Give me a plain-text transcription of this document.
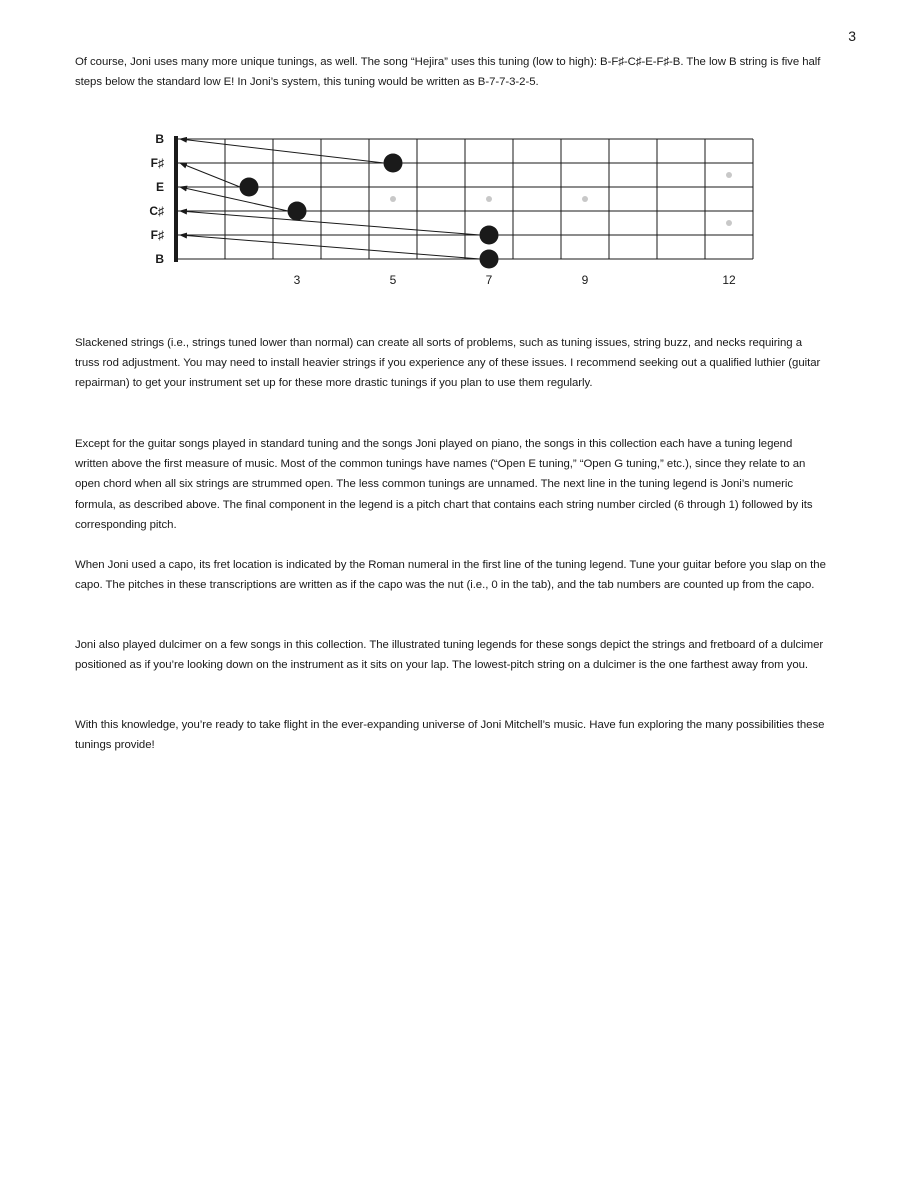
3

Of course, Joni uses many more unique tunings, as well. The song “Hejira” uses this tuning (low to high): B-F♯-C♯-E-F♯-B. The low B string is five half steps below the standard low E! In Joni’s system, this tuning would be written as B-7-7-3-2-5.

B
F♯
E
C♯
F♯
B
3	5	7	9	12

Slackened strings (i.e., strings tuned lower than normal) can create all sorts of problems, such as tuning issues, string buzz, and necks requiring a truss rod adjustment. You may need to install heavier strings if you experience any of these issues. I recommend seeking out a qualified luthier (guitar repairman) to get your instrument set up for these more drastic tunings if you plan to use them regularly.

Except for the guitar songs played in standard tuning and the songs Joni played on piano, the songs in this collection each have a tuning legend written above the first measure of music. Most of the common tunings have names (“Open E tuning,” “Open G tuning,” etc.), since they relate to an open chord when all six strings are strummed open. The less common tunings are unnamed. The next line in the tuning legend is Joni’s numeric formula, as described above. The final component in the legend is a pitch chart that contains each string number circled (6 through 1) followed by its corresponding pitch.

When Joni used a capo, its fret location is indicated by the Roman numeral in the first line of the tuning legend. Tune your guitar before you slap on the capo. The pitches in these transcriptions are written as if the capo was the nut (i.e., 0 in the tab), and the tab numbers are counted up from the capo.

Joni also played dulcimer on a few songs in this collection. The illustrated tuning legends for these songs depict the strings and fretboard of a dulcimer positioned as if you’re looking down on the instrument as it sits on your lap. The lowest-pitch string on a dulcimer is the one farthest away from you.

With this knowledge, you’re ready to take flight in the ever-expanding universe of Joni Mitchell’s music. Have fun exploring the many possibilities these tunings provide!
